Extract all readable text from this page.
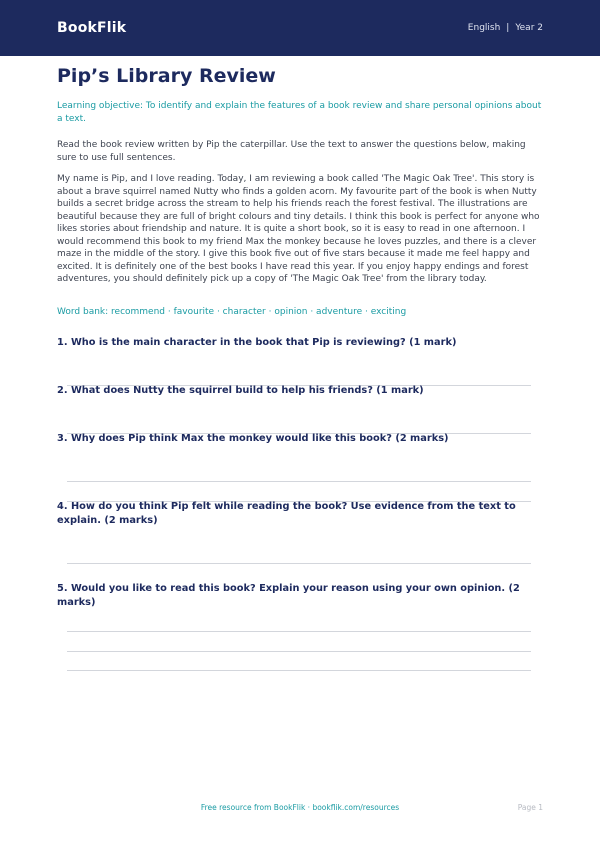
BookFlik	English | Year 2
Pip’s Library Review

Learning objective: To identify and explain the features of a book review and share personal opinions about a text.

Read the book review written by Pip the caterpillar. Use the text to answer the questions below, making sure to use full sentences.

My name is Pip, and I love reading. Today, I am reviewing a book called 'The Magic Oak Tree'. This story is about a brave squirrel named Nutty who finds a golden acorn. My favourite part of the book is when Nutty builds a secret bridge across the stream to help his friends reach the forest festival. The illustrations are beautiful because they are full of bright colours and tiny details. I think this book is perfect for anyone who likes stories about friendship and nature. It is quite a short book, so it is easy to read in one afternoon. I would recommend this book to my friend Max the monkey because he loves puzzles, and there is a clever maze in the middle of the story. I give this book five out of five stars because it made me feel happy and excited. It is definitely one of the best books I have read this year. If you enjoy happy endings and forest adventures, you should definitely pick up a copy of 'The Magic Oak Tree' from the library today.

Word bank: recommend · favourite · character · opinion · adventure · exciting

1. Who is the main character in the book that Pip is reviewing? (1 mark)
2. What does Nutty the squirrel build to help his friends? (1 mark)
3. Why does Pip think Max the monkey would like this book? (2 marks)
4. How do you think Pip felt while reading the book? Use evidence from the text to explain. (2 marks)
5. Would you like to read this book? Explain your reason using your own opinion. (2 marks)
Free resource from BookFlik · bookflik.com/resources	Page 1
